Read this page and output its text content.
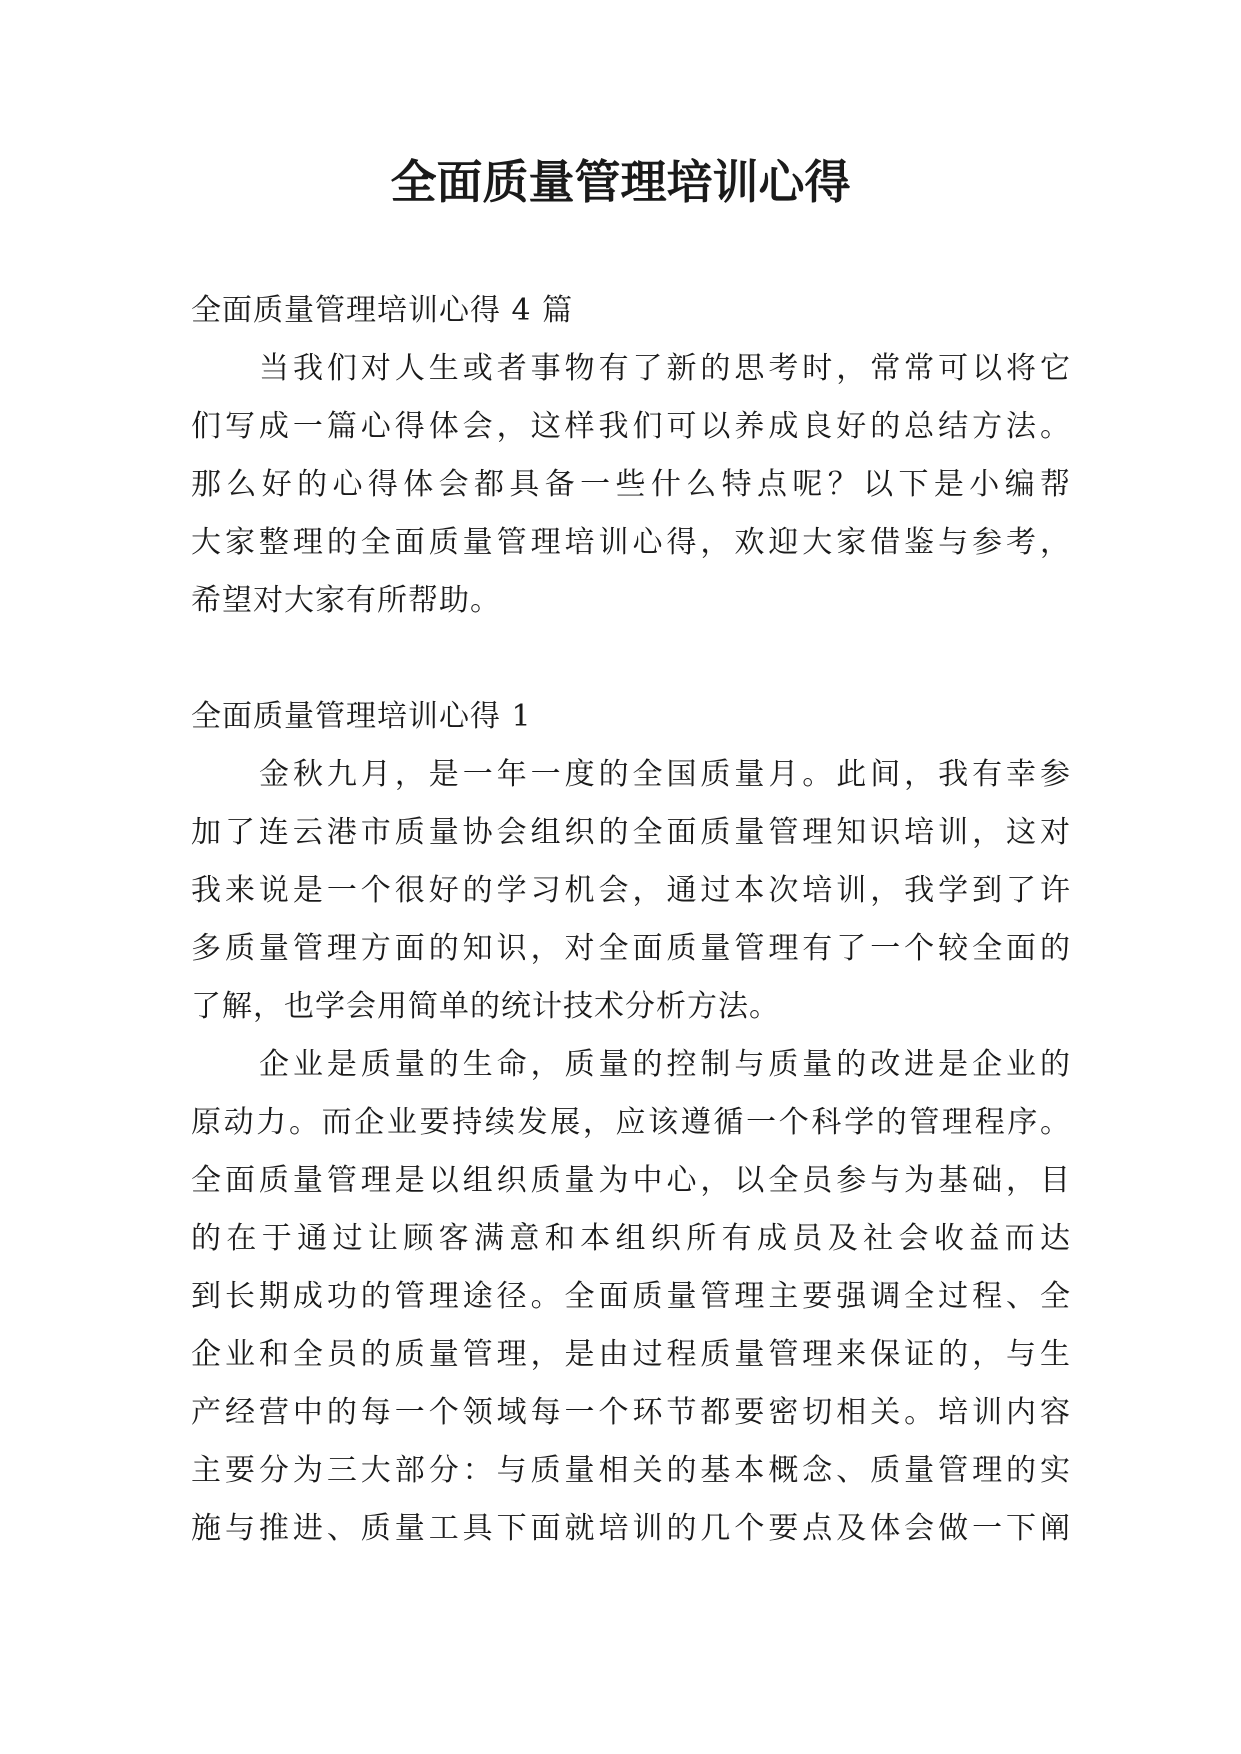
全面质量管理培训心得
全面质量管理培训心得 4 篇
当我们对人生或者事物有了新的思考时，常常可以将它
们写成一篇心得体会，这样我们可以养成良好的总结方法。
那么好的心得体会都具备一些什么特点呢？以下是小编帮
大家整理的全面质量管理培训心得，欢迎大家借鉴与参考，
希望对大家有所帮助。
全面质量管理培训心得 1
金秋九月，是一年一度的全国质量月。此间，我有幸参
加了连云港市质量协会组织的全面质量管理知识培训，这对
我来说是一个很好的学习机会，通过本次培训，我学到了许
多质量管理方面的知识，对全面质量管理有了一个较全面的
了解，也学会用简单的统计技术分析方法。
企业是质量的生命，质量的控制与质量的改进是企业的
原动力。而企业要持续发展，应该遵循一个科学的管理程序。
全面质量管理是以组织质量为中心，以全员参与为基础，目
的在于通过让顾客满意和本组织所有成员及社会收益而达
到长期成功的管理途径。全面质量管理主要强调全过程、全
企业和全员的质量管理，是由过程质量管理来保证的，与生
产经营中的每一个领域每一个环节都要密切相关。培训内容
主要分为三大部分：与质量相关的基本概念、质量管理的实
施与推进、质量工具下面就培训的几个要点及体会做一下阐
